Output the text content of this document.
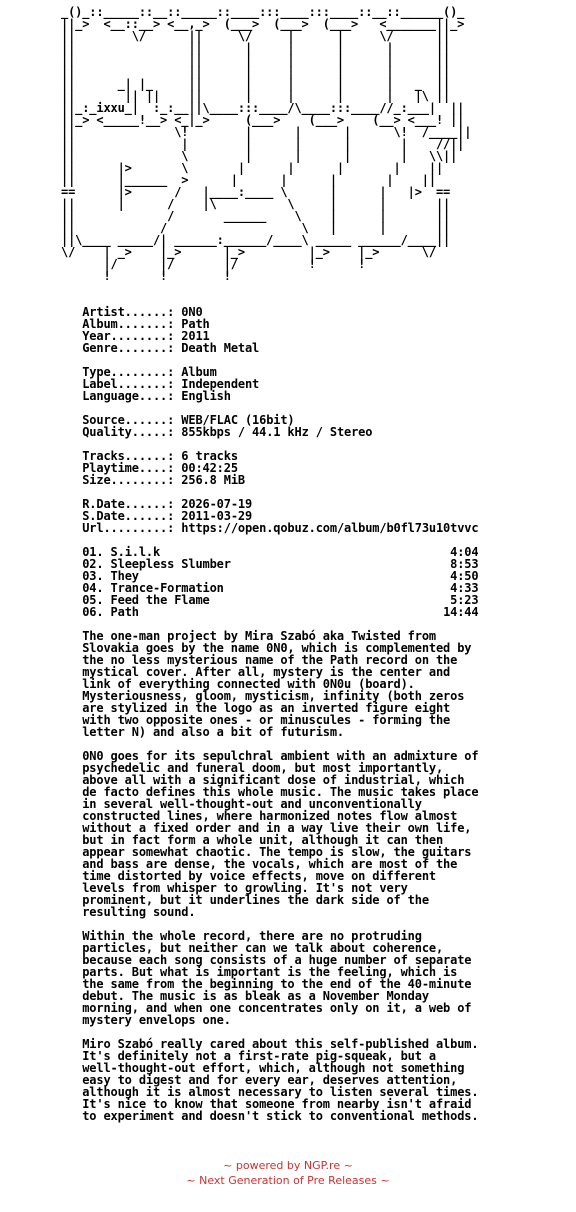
_()_::_____::__::_____::____:::____:::____::__::______()_
||_>  <__::__> <__,_>  (___>  (___>  (___>   <_______||_>
||        \/      ||     \/     |      |     \/      ||
||                ||      |     |      |      |      ||
||                ||      |     |      |      |      ||
||                ||      |     |      |      |      ||
||      _| |_     ||      |     |      |      |   _  ||
||       || ||    ||      |     |      |      |   |\ ||
||_:_ixxu_|  :_:__||\____:::____/\____:::____//_:___|  ||
||_> <_____!__> <_|_>     (___>    (___>    (__> <___! ||
||              \!        |      |      |      \!  /____||
||               |        |      |      |       |    //||
||               \        |      |      |       |   \\||
||      |>       \       |      |      |       |    ||
||      |______  >      |      |      |       |    ||
==      |>      /   |____:____ \      |      |   |>  ==
||      |      /    |\          \     |      |       ||
||             /       ______    \    |      |       ||
||            /                   \   |      |       ||
||\____ _____/| ______:______/____\ _____ ______/____||
\/    | _>    |_>      |_>         |_>    |_>      \/
|/      |/       |/          !      !
!       !        !

Artist......: 0N0
Album.......: Path
Year........: 2011
Genre.......: Death Metal

Type........: Album
Label.......: Independent
Language....: English

Source......: WEB/FLAC (16bit)
Quality.....: 855kbps / 44.1 kHz / Stereo

Tracks......: 6 tracks
Playtime....: 00:42:25
Size........: 256.8 MiB

R.Date......: 2026-07-19
S.Date......: 2011-03-29
Url.........: https://open.qobuz.com/album/b0fl73u10tvvc

01. S.i.l.k	4:04
02. Sleepless Slumber	8:53
03. They	4:50
04. Trance-Formation	4:33
05. Feed the Flame	5:23
06. Path	14:44

The one-man project by Mira Szabó aka Twisted from
Slovakia goes by the name 0N0, which is complemented by
the no less mysterious name of the Path record on the
mystical cover. After all, mystery is the center and
link of everything connected with 0N0u (board).
Mysteriousness, gloom, mysticism, infinity (both zeros
are stylized in the logo as an inverted figure eight
with two opposite ones - or minuscules - forming the
letter N) and also a bit of futurism.

0N0 goes for its sepulchral ambient with an admixture of
psychedelic and funeral doom, but most importantly,
above all with a significant dose of industrial, which
de facto defines this whole music. The music takes place
in several well-thought-out and unconventionally
constructed lines, where harmonized notes flow almost
without a fixed order and in a way live their own life,
but in fact form a whole unit, although it can then
appear somewhat chaotic. The tempo is slow, the guitars
and bass are dense, the vocals, which are most of the
time distorted by voice effects, move on different
levels from whisper to growling. It's not very
prominent, but it underlines the dark side of the
resulting sound.

Within the whole record, there are no protruding
particles, but neither can we talk about coherence,
because each song consists of a huge number of separate
parts. But what is important is the feeling, which is
the same from the beginning to the end of the 40-minute
debut. The music is as bleak as a November Monday
morning, and when one concentrates only on it, a web of
mystery envelops one.

Miro Szabó really cared about this self-published album.
It's definitely not a first-rate pig-squeak, but a
well-thought-out effort, which, although not something
easy to digest and for every ear, deserves attention,
although it is almost necessary to listen several times.
It's nice to know that someone from nearby isn't afraid
to experiment and doesn't stick to conventional methods.

~ powered by NGP.re ~
~ Next Generation of Pre Releases ~
